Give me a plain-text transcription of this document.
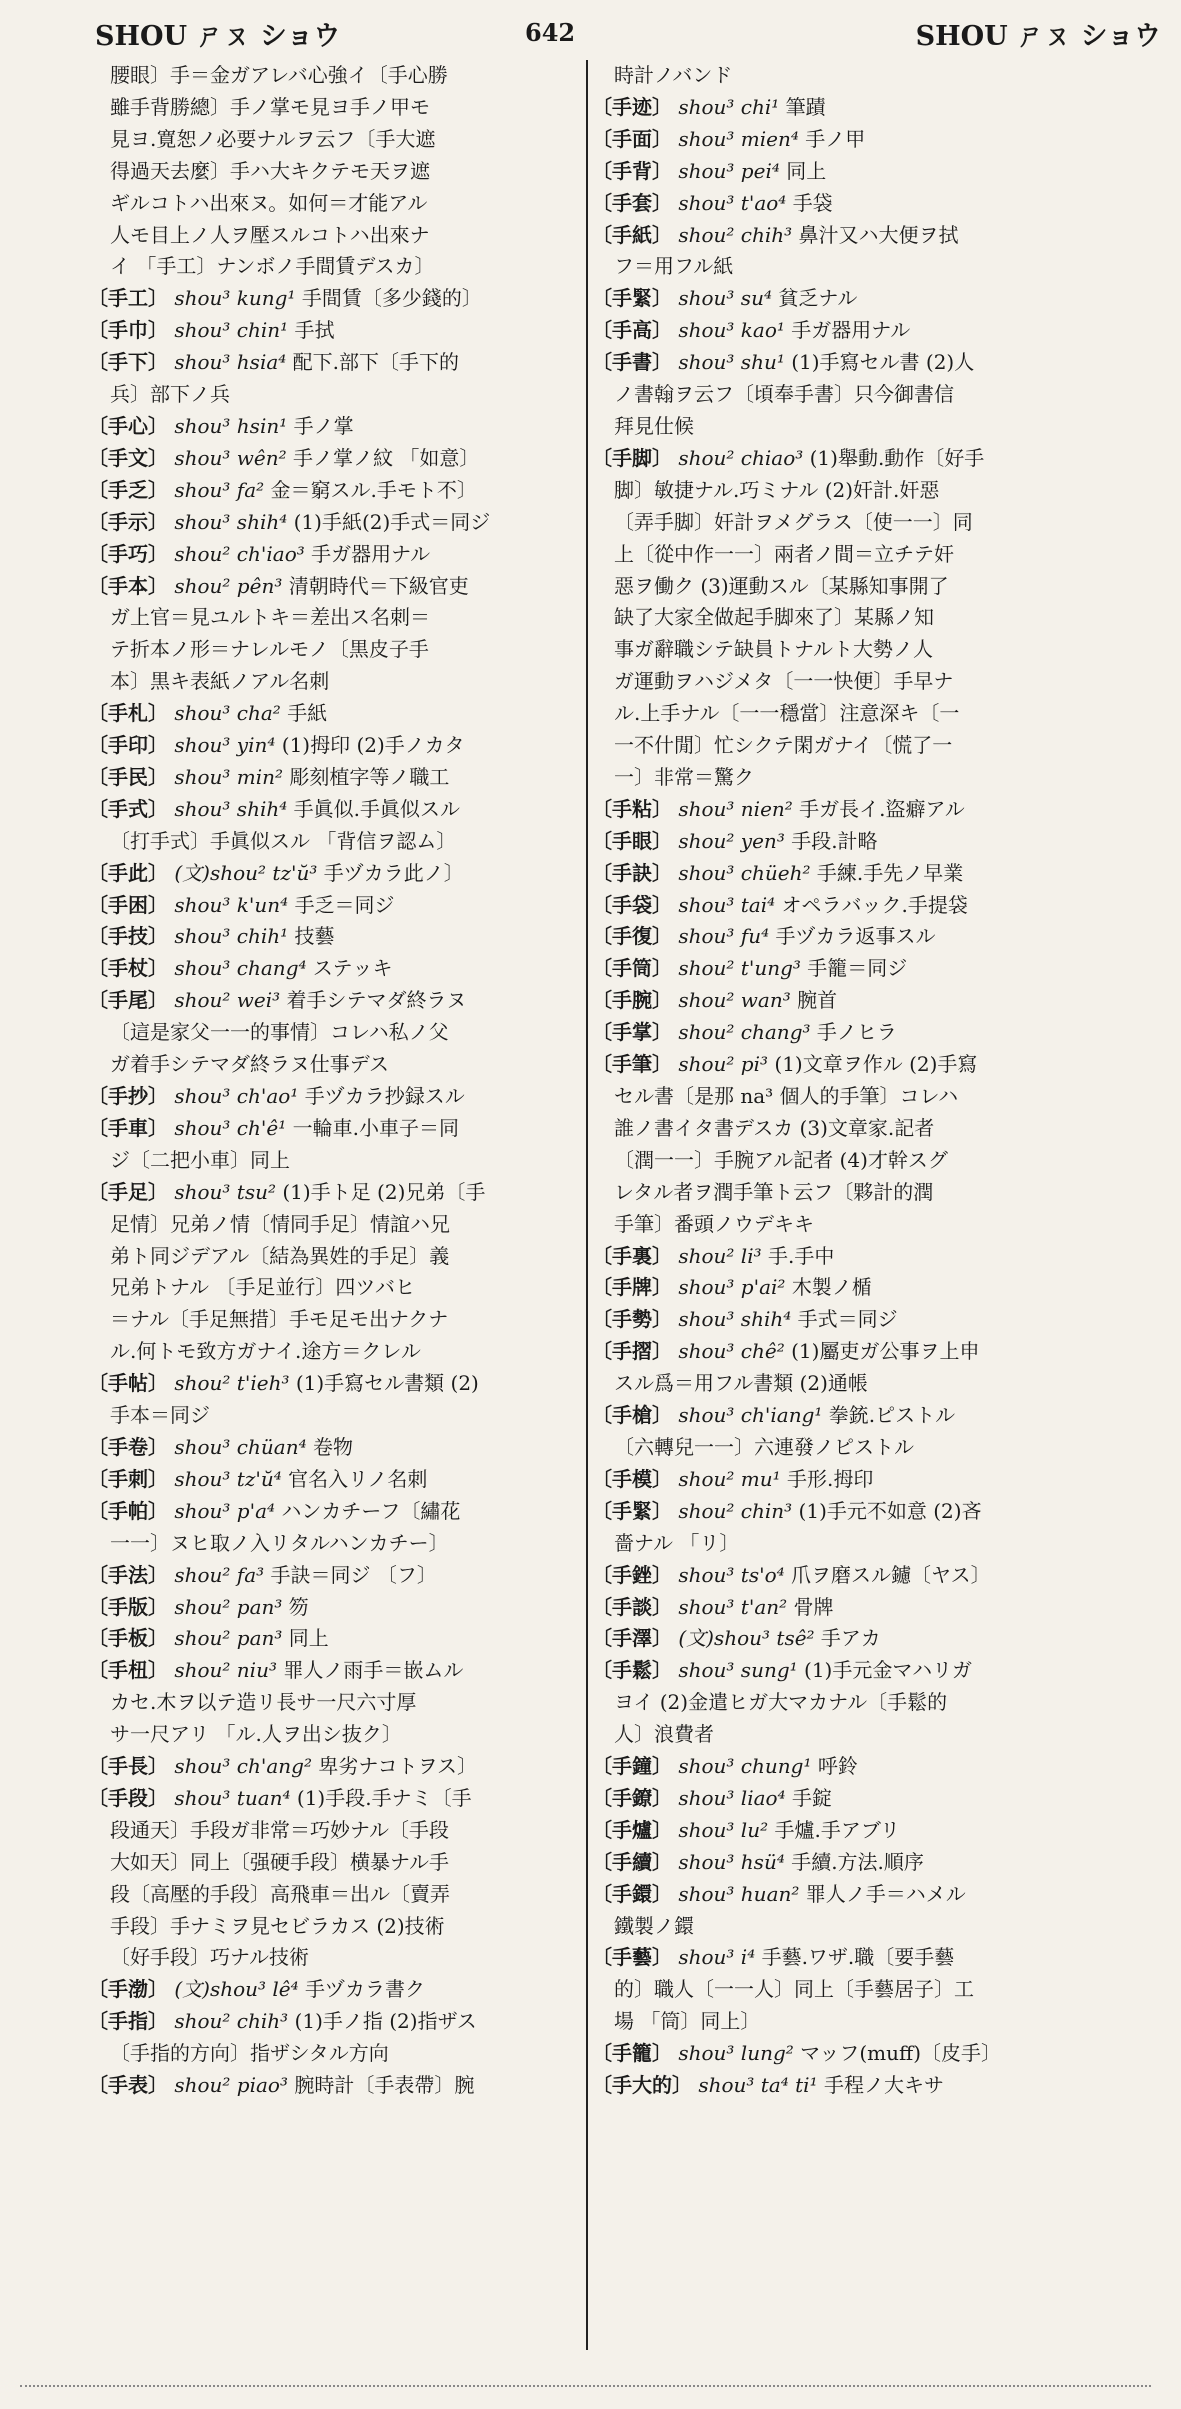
SHOU ㄕㄡ ショウ	642	SHOU ㄕㄡ ショウ

腰眼〕手＝金ガアレバ心強イ〔手心勝

雖手背勝總〕手ノ掌モ見ヨ手ノ甲モ

見ヨ.寛恕ノ必要ナルヲ云フ〔手大遮

得過天去麼〕手ハ大キクテモ天ヲ遮

ギルコトハ出來ヌ。如何＝才能アル

人モ目上ノ人ヲ壓スルコトハ出來ナ

イ 「手工〕ナンボノ手間賃デスカ〕

〔手工〕 shou³ kung¹ 手間賃〔多少錢的〕

〔手巾〕 shou³ chin¹ 手拭

〔手下〕 shou³ hsia⁴ 配下.部下〔手下的

兵〕部下ノ兵

〔手心〕 shou³ hsin¹ 手ノ掌

〔手文〕 shou³ wên² 手ノ掌ノ紋 「如意〕

〔手乏〕 shou³ fa² 金＝窮スル.手モト不〕

〔手示〕 shou³ shih⁴ (1)手紙(2)手式＝同ジ

〔手巧〕 shou² ch'iao³ 手ガ器用ナル

〔手本〕 shou² pên³ 清朝時代＝下級官吏

ガ上官＝見ユルトキ＝差出ス名刺＝

テ折本ノ形＝ナレルモノ〔黒皮子手

本〕黒キ表紙ノアル名刺

〔手札〕 shou³ cha² 手紙

〔手印〕 shou³ yin⁴ (1)拇印 (2)手ノカタ

〔手民〕 shou³ min² 彫刻植字等ノ職工

〔手式〕 shou³ shih⁴ 手眞似.手眞似スル

〔打手式〕手眞似スル 「背信ヲ認ム〕

〔手此〕 (文)shou² tz'ŭ³ 手ヅカラ此ノ〕

〔手困〕 shou³ k'un⁴ 手乏＝同ジ

〔手技〕 shou³ chih¹ 技藝

〔手杖〕 shou³ chang⁴ ステッキ

〔手尾〕 shou² wei³ 着手シテマダ終ラヌ

〔這是家父一一的事情〕コレハ私ノ父

ガ着手シテマダ終ラヌ仕事デス

〔手抄〕 shou³ ch'ao¹ 手ヅカラ抄録スル

〔手車〕 shou³ ch'ê¹ 一輪車.小車子＝同

ジ〔二把小車〕同上

〔手足〕 shou³ tsu² (1)手ト足 (2)兄弟〔手

足情〕兄弟ノ情〔情同手足〕情誼ハ兄

弟ト同ジデアル〔結為異姓的手足〕義

兄弟トナル 〔手足並行〕四ツバヒ

＝ナル〔手足無措〕手モ足モ出ナクナ

ル.何トモ致方ガナイ.途方＝クレル

〔手帖〕 shou² t'ieh³ (1)手寫セル書類 (2)

手本＝同ジ

〔手卷〕 shou³ chüan⁴ 卷物

〔手刺〕 shou³ tz'ŭ⁴ 官名入リノ名刺

〔手帕〕 shou³ p'a⁴ ハンカチーフ〔繡花

一一〕ヌヒ取ノ入リタルハンカチー〕

〔手法〕 shou² fa³ 手訣＝同ジ 〔フ〕

〔手版〕 shou² pan³ 笏

〔手板〕 shou² pan³ 同上

〔手杻〕 shou² niu³ 罪人ノ雨手＝嵌ムル

カセ.木ヲ以テ造リ長サ一尺六寸厚

サ一尺アリ 「ル.人ヲ出シ抜ク〕

〔手長〕 shou³ ch'ang² 卑劣ナコトヲス〕

〔手段〕 shou³ tuan⁴ (1)手段.手ナミ〔手

段通天〕手段ガ非常＝巧妙ナル〔手段

大如天〕同上〔强硬手段〕横暴ナル手

段〔高壓的手段〕高飛車＝出ル〔賣弄

手段〕手ナミヲ見セビラカス (2)技術

〔好手段〕巧ナル技術

〔手渤〕 (文)shou³ lê⁴ 手ヅカラ書ク

〔手指〕 shou² chih³ (1)手ノ指 (2)指ザス

〔手指的方向〕指ザシタル方向

〔手表〕 shou² piao³ 腕時計〔手表帶〕腕

時計ノバンド

〔手迹〕 shou³ chi¹ 筆蹟

〔手面〕 shou³ mien⁴ 手ノ甲

〔手背〕 shou³ pei⁴ 同上

〔手套〕 shou³ t'ao⁴ 手袋

〔手紙〕 shou² chih³ 鼻汁又ハ大便ヲ拭

フ＝用フル紙

〔手緊〕 shou³ su⁴ 貧乏ナル

〔手高〕 shou³ kao¹ 手ガ器用ナル

〔手書〕 shou³ shu¹ (1)手寫セル書 (2)人

ノ書翰ヲ云フ〔頃奉手書〕只今御書信

拜見仕候

〔手脚〕 shou² chiao³ (1)舉動.動作〔好手

脚〕敏捷ナル.巧ミナル (2)奸計.奸惡

〔弄手脚〕奸計ヲメグラス〔使一一〕同

上〔從中作一一〕兩者ノ間＝立チテ奸

惡ヲ働ク (3)運動スル〔某縣知事開了

缺了大家全做起手脚來了〕某縣ノ知

事ガ辭職シテ缺員トナルト大勢ノ人

ガ運動ヲハジメタ〔一一快便〕手早ナ

ル.上手ナル〔一一穩當〕注意深キ〔一

一不什閒〕忙シクテ閑ガナイ〔慌了一

一〕非常＝驚ク

〔手粘〕 shou³ nien² 手ガ長イ.盜癖アル

〔手眼〕 shou² yen³ 手段.計略

〔手訣〕 shou³ chüeh² 手練.手先ノ早業

〔手袋〕 shou³ tai⁴ オペラバック.手提袋

〔手復〕 shou³ fu⁴ 手ヅカラ返事スル

〔手筒〕 shou² t'ung³ 手籠＝同ジ

〔手腕〕 shou² wan³ 腕首

〔手掌〕 shou² chang³ 手ノヒラ

〔手筆〕 shou² pi³ (1)文章ヲ作ル (2)手寫

セル書〔是那 na³ 個人的手筆〕コレハ

誰ノ書イタ書デスカ (3)文章家.記者

〔潤一一〕手腕アル記者 (4)才幹スグ

レタル者ヲ潤手筆ト云フ〔夥計的潤

手筆〕番頭ノウデキキ

〔手裏〕 shou² li³ 手.手中

〔手牌〕 shou³ p'ai² 木製ノ楯

〔手勢〕 shou³ shih⁴ 手式＝同ジ

〔手摺〕 shou³ chê² (1)屬吏ガ公事ヲ上申

スル爲＝用フル書類 (2)通帳

〔手槍〕 shou³ ch'iang¹ 拳銃.ピストル

〔六轉兒一一〕六連發ノピストル

〔手模〕 shou² mu¹ 手形.拇印

〔手緊〕 shou² chin³ (1)手元不如意 (2)吝

嗇ナル 「リ〕

〔手銼〕 shou³ ts'o⁴ 爪ヲ磨スル鑢〔ヤス〕

〔手談〕 shou³ t'an² 骨牌

〔手澤〕 (文)shou³ tsê² 手アカ

〔手鬆〕 shou³ sung¹ (1)手元金マハリガ

ヨイ (2)金遣ヒガ大マカナル〔手鬆的

人〕浪費者

〔手鐘〕 shou³ chung¹ 呼鈴

〔手鐐〕 shou³ liao⁴ 手錠

〔手爐〕 shou³ lu² 手爐.手アブリ

〔手續〕 shou³ hsü⁴ 手續.方法.順序

〔手鐶〕 shou³ huan² 罪人ノ手＝ハメル

鐵製ノ鐶

〔手藝〕 shou³ i⁴ 手藝.ワザ.職〔要手藝

的〕職人〔一一人〕同上〔手藝居子〕工

場 「筒〕同上〕

〔手籠〕 shou³ lung² マッフ(muff)〔皮手〕

〔手大的〕 shou³ ta⁴ ti¹ 手程ノ大キサ
